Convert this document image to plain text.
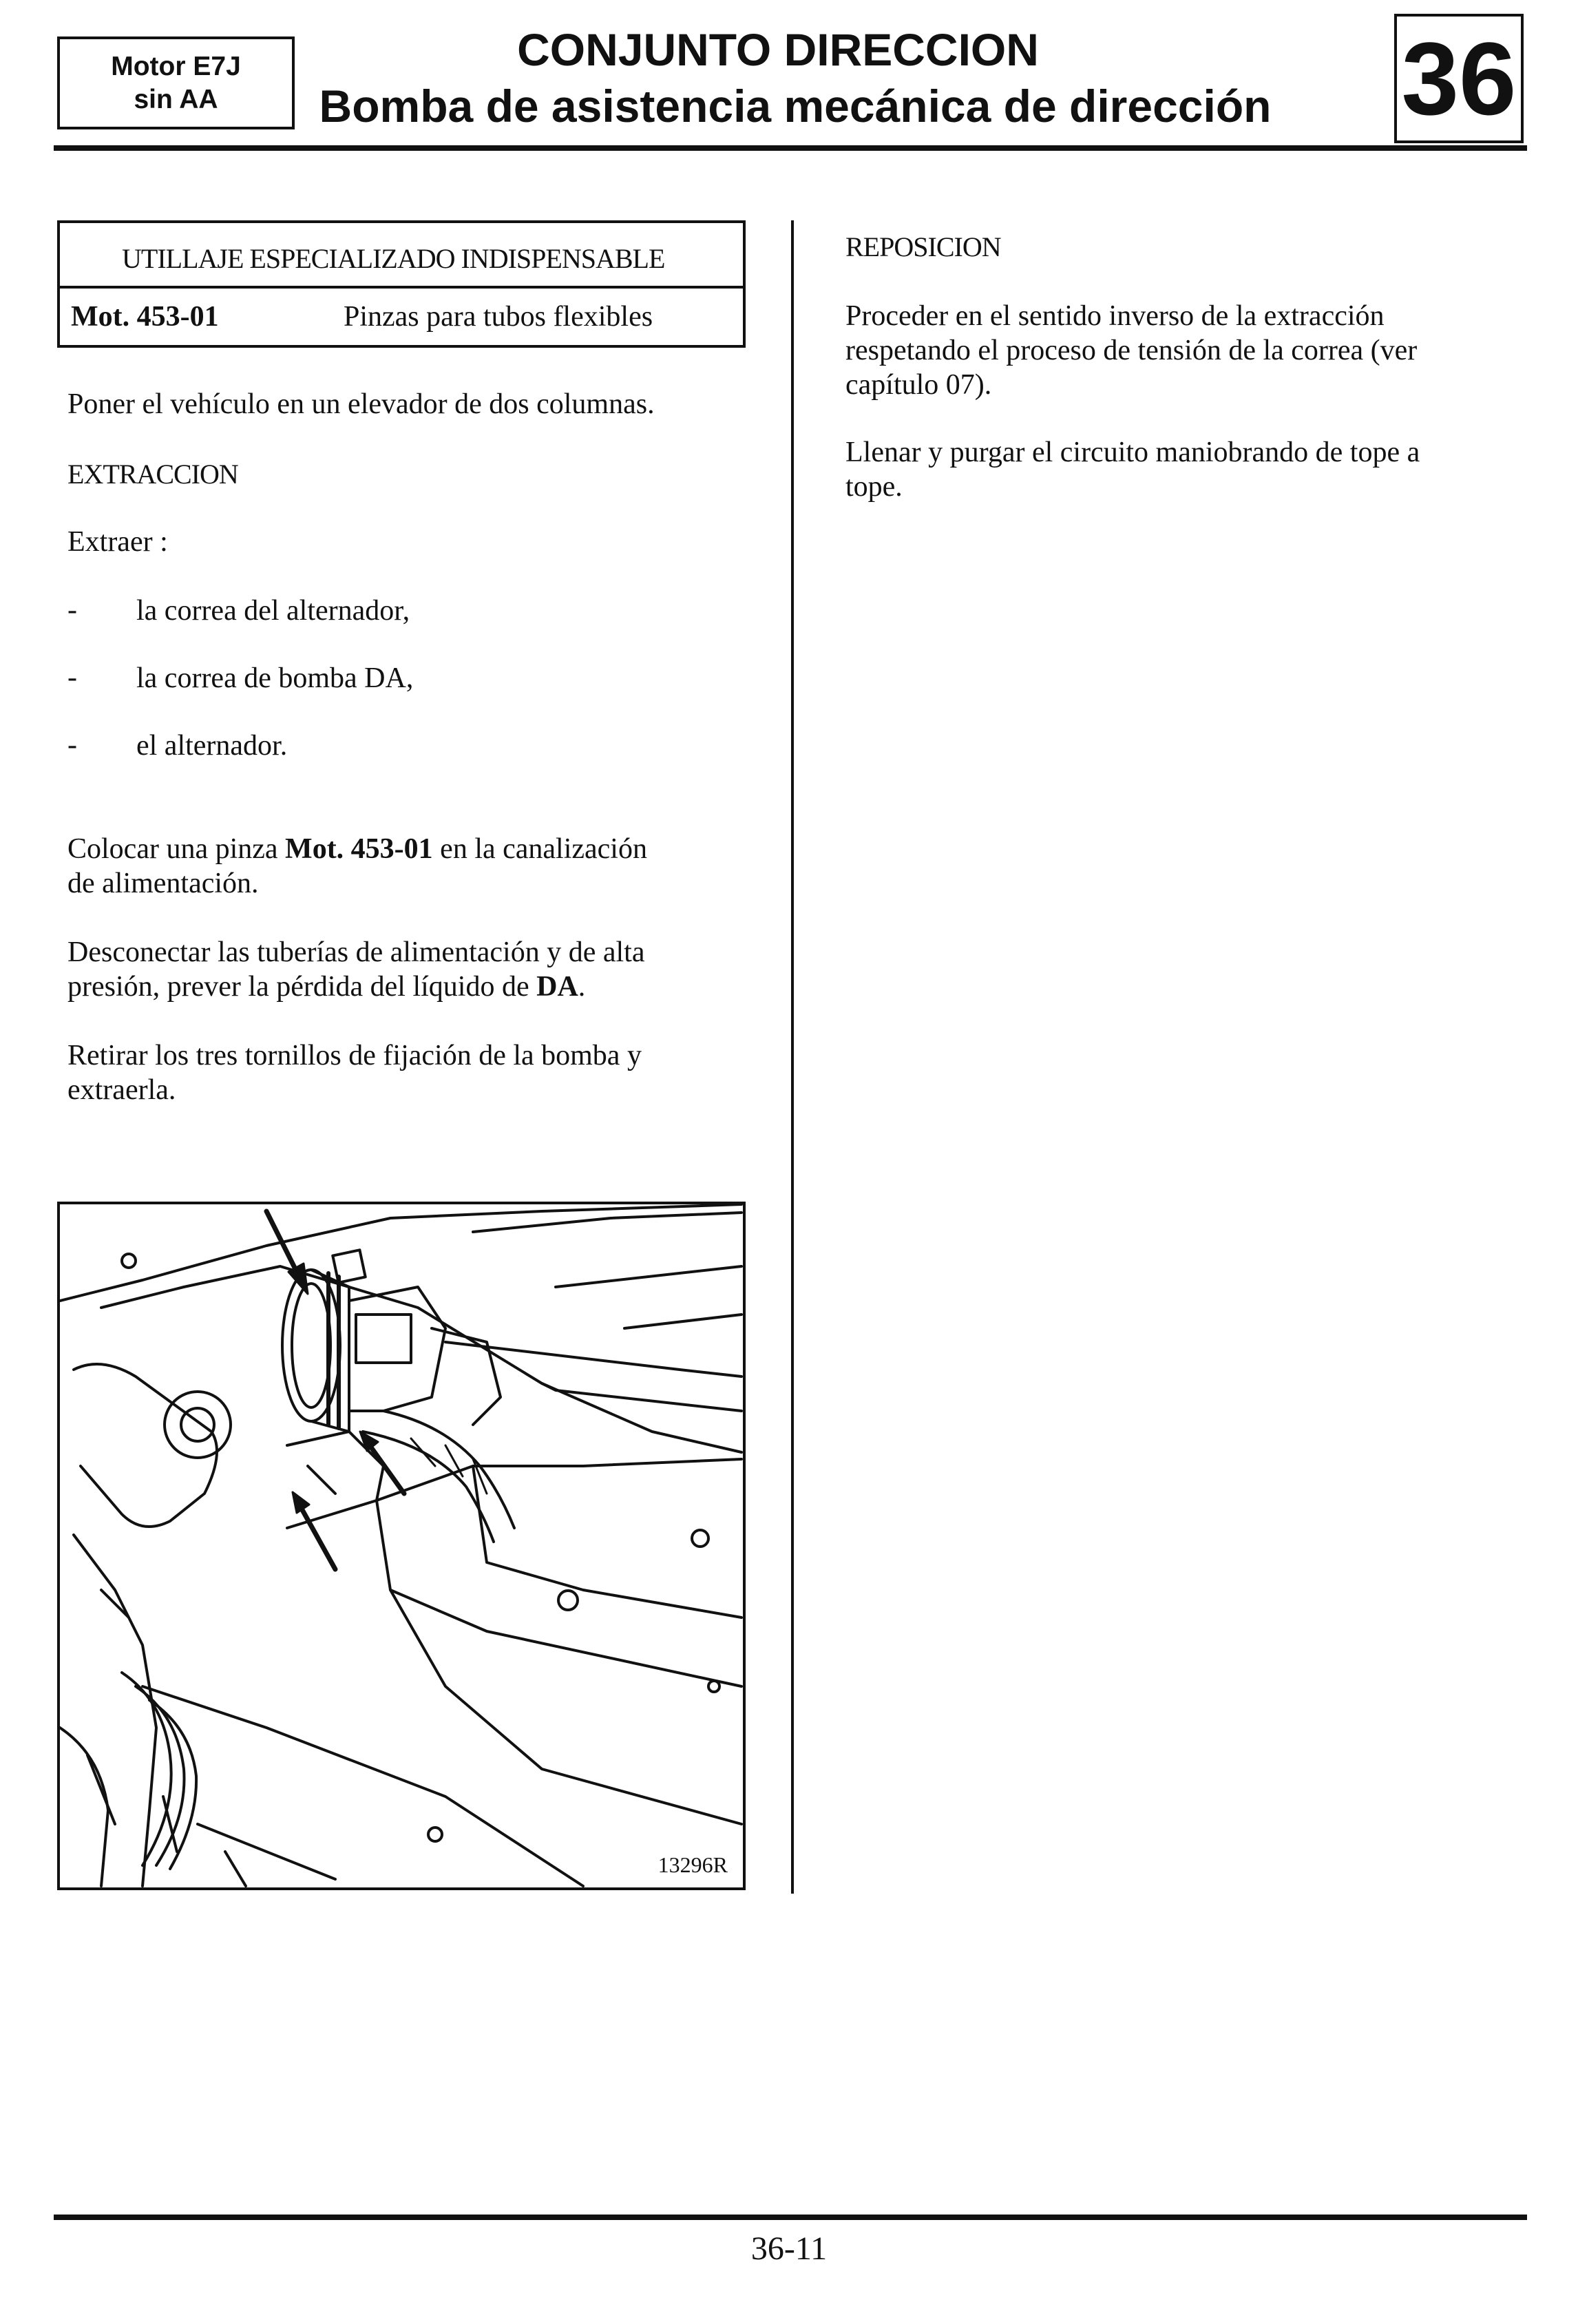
Motor E7J
sin AA
CONJUNTO DIRECCION
Bomba de asistencia mecánica de dirección 36
UTILLAJE ESPECIALIZADO INDISPENSABLE
Mot. 453-01	Pinzas para tubos flexibles
Poner el vehículo en un elevador de dos columnas.
EXTRACCION
Extraer :
- la correa del alternador,
- la correa de bomba DA,
- el alternador.
Colocar una pinza Mot. 453-01 en la canalización
de alimentación.
Desconectar las tuberías de alimentación y de alta
presión, prever la pérdida del líquido de DA.
Retirar los tres tornillos de fijación de la bomba y
extraerla.
REPOSICION
Proceder en el sentido inverso de la extracción
respetando el proceso de tensión de la correa (ver
capítulo 07).
Llenar y purgar el circuito maniobrando de tope a
tope.
13296R
36-11
